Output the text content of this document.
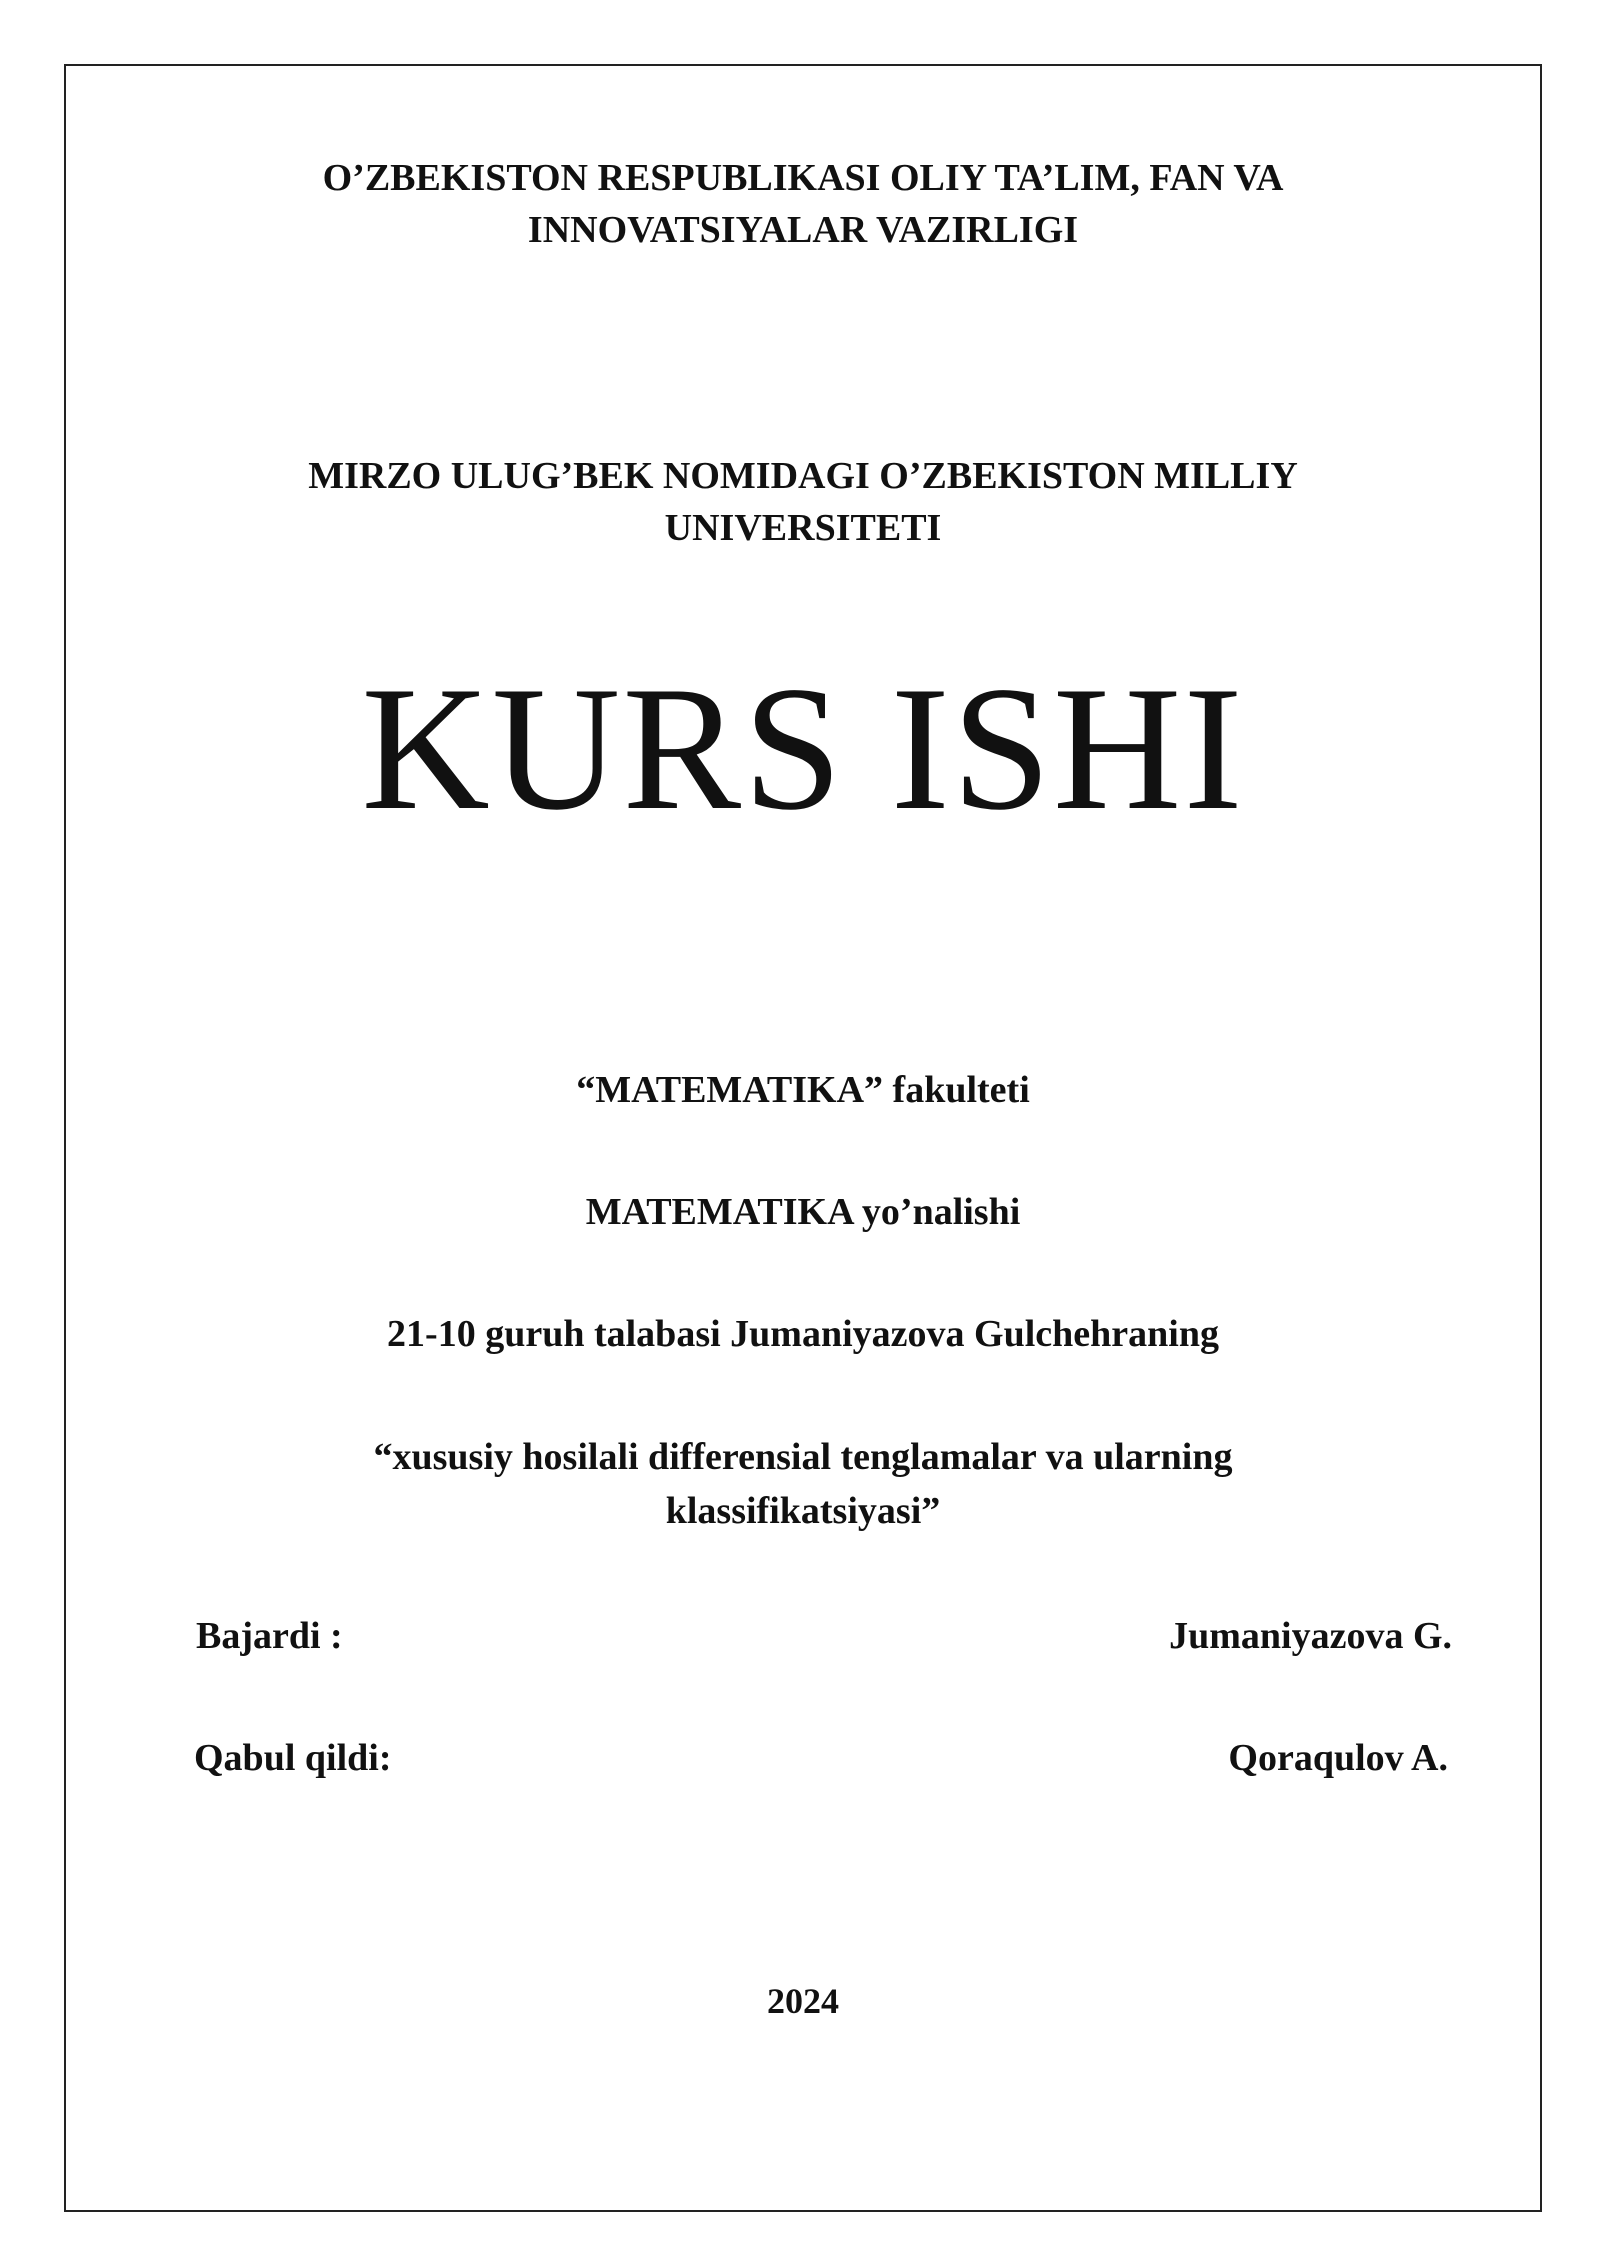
O’ZBEKISTON RESPUBLIKASI OLIY TA’LIM, FAN VA
INNOVATSIYALAR VAZIRLIGI
MIRZO ULUG’BEK NOMIDAGI O’ZBEKISTON MILLIY
UNIVERSITETI
KURS ISHI
“MATEMATIKA” fakulteti
MATEMATIKA yo’nalishi
21-10 guruh talabasi Jumaniyazova Gulchehraning
“xususiy hosilali differensial tenglamalar va ularning
klassifikatsiyasi”
Bajardi :	Jumaniyazova G.
Qabul qildi:	Qoraqulov A.
2024
